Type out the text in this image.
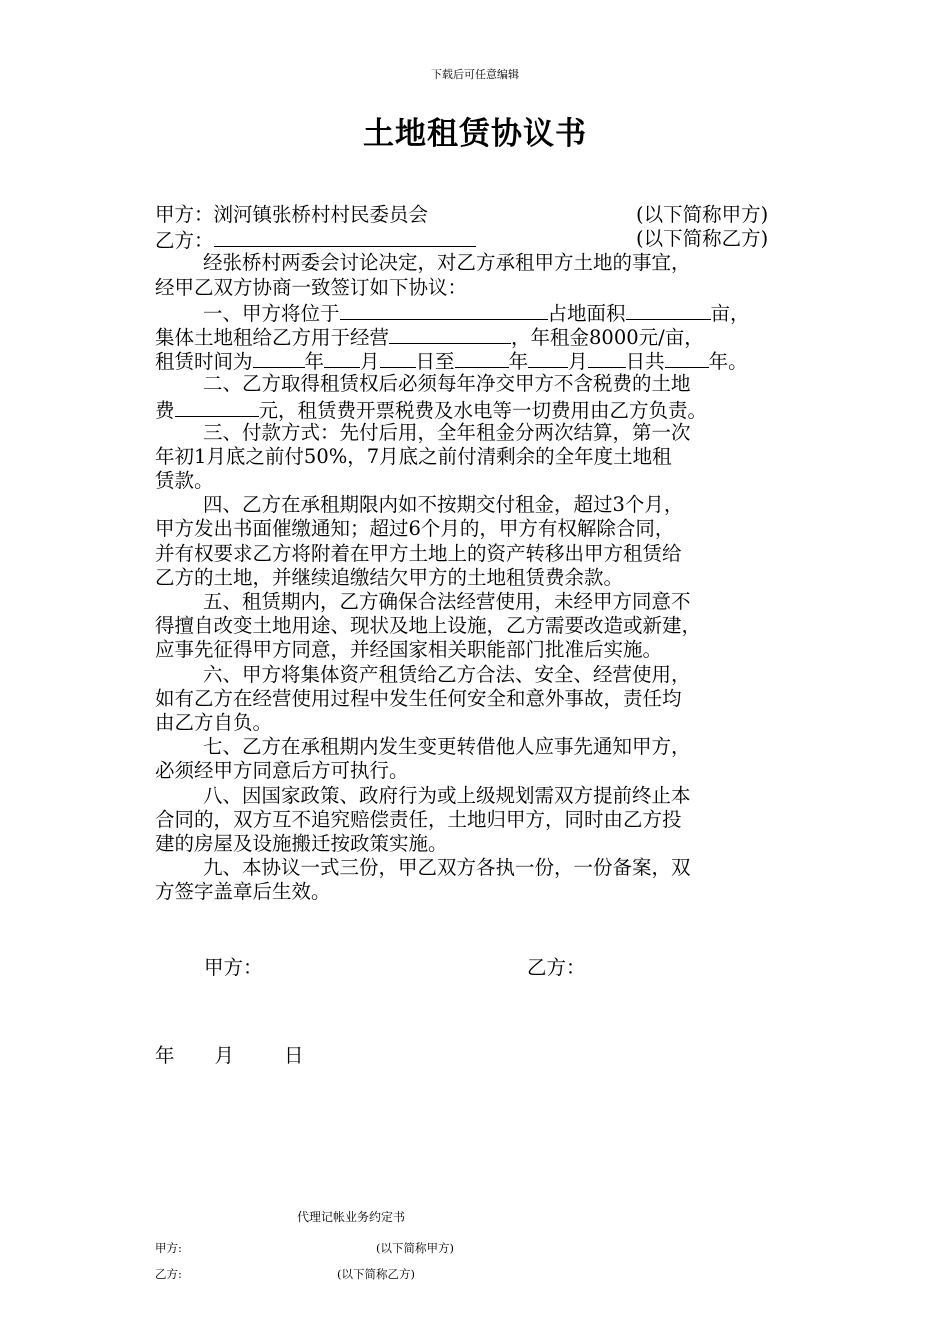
下载后可任意编辑
土地租赁协议书
甲方：浏河镇张桥村村民委员会	(以下简称甲方)
乙方：	(以下简称乙方)
经张桥村两委会讨论决定，对乙方承租甲方土地的事宜，
经甲乙双方协商一致签订如下协议：
一、甲方将位于	占地面积	亩，
集体土地租给乙方用于经营	，年租金8000元/亩，
租赁时间为	年 月 日至	年 月 日共 年。
二、乙方取得租赁权后必须每年净交甲方不含税费的土地
费	元，租赁费开票税费及水电等一切费用由乙方负责。
三、付款方式：先付后用，全年租金分两次结算，第一次
年初1月底之前付50%，7月底之前付清剩余的全年度土地租
赁款。
四、乙方在承租期限内如不按期交付租金，超过3个月，
甲方发出书面催缴通知；超过6个月的，甲方有权解除合同，
并有权要求乙方将附着在甲方土地上的资产转移出甲方租赁给
乙方的土地，并继续追缴结欠甲方的土地租赁费余款。
五、租赁期内，乙方确保合法经营使用，未经甲方同意不
得擅自改变土地用途、现状及地上设施，乙方需要改造或新建，
应事先征得甲方同意，并经国家相关职能部门批准后实施。
六、甲方将集体资产租赁给乙方合法、安全、经营使用，
如有乙方在经营使用过程中发生任何安全和意外事故，责任均
由乙方自负。
七、乙方在承租期内发生变更转借他人应事先通知甲方，
必须经甲方同意后方可执行。
八、因国家政策、政府行为或上级规划需双方提前终止本
合同的，双方互不追究赔偿责任，土地归甲方，同时由乙方投
建的房屋及设施搬迁按政策实施。
九、本协议一式三份，甲乙双方各执一份，一份备案，双
方签字盖章后生效。
甲方：	乙方：
年 月	日
代理记帐业务约定书
甲方:	(以下简称甲方)
乙方:	(以下简称乙方)
